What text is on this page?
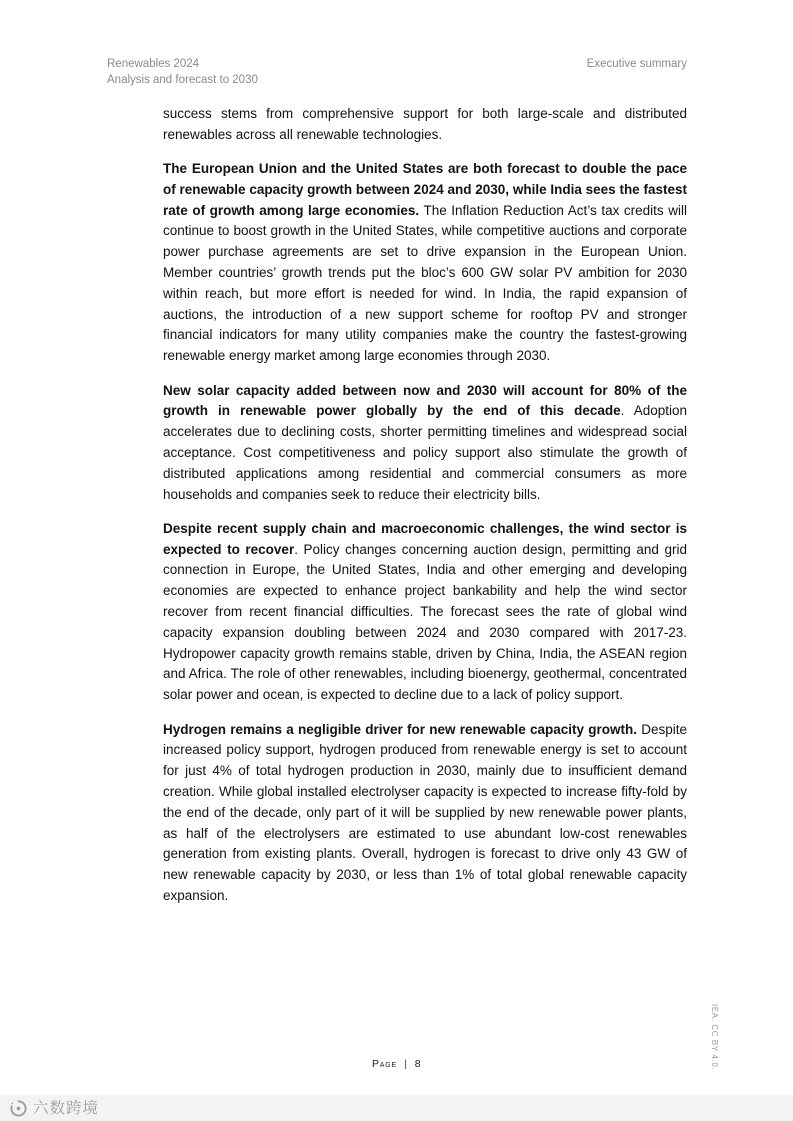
Renewables 2024
Analysis and forecast to 2030
Executive summary

success stems from comprehensive support for both large-scale and distributed renewables across all renewable technologies.

The European Union and the United States are both forecast to double the pace of renewable capacity growth between 2024 and 2030, while India sees the fastest rate of growth among large economies. The Inflation Reduction Act’s tax credits will continue to boost growth in the United States, while competitive auctions and corporate power purchase agreements are set to drive expansion in the European Union. Member countries’ growth trends put the bloc’s 600 GW solar PV ambition for 2030 within reach, but more effort is needed for wind. In India, the rapid expansion of auctions, the introduction of a new support scheme for rooftop PV and stronger financial indicators for many utility companies make the country the fastest-growing renewable energy market among large economies through 2030.

New solar capacity added between now and 2030 will account for 80% of the growth in renewable power globally by the end of this decade. Adoption accelerates due to declining costs, shorter permitting timelines and widespread social acceptance. Cost competitiveness and policy support also stimulate the growth of distributed applications among residential and commercial consumers as more households and companies seek to reduce their electricity bills.

Despite recent supply chain and macroeconomic challenges, the wind sector is expected to recover. Policy changes concerning auction design, permitting and grid connection in Europe, the United States, India and other emerging and developing economies are expected to enhance project bankability and help the wind sector recover from recent financial difficulties. The forecast sees the rate of global wind capacity expansion doubling between 2024 and 2030 compared with 2017-23. Hydropower capacity growth remains stable, driven by China, India, the ASEAN region and Africa. The role of other renewables, including bioenergy, geothermal, concentrated solar power and ocean, is expected to decline due to a lack of policy support.

Hydrogen remains a negligible driver for new renewable capacity growth. Despite increased policy support, hydrogen produced from renewable energy is set to account for just 4% of total hydrogen production in 2030, mainly due to insufficient demand creation. While global installed electrolyser capacity is expected to increase fifty-fold by the end of the decade, only part of it will be supplied by new renewable power plants, as half of the electrolysers are estimated to use abundant low-cost renewables generation from existing plants. Overall, hydrogen is forecast to drive only 43 GW of new renewable capacity by 2030, or less than 1% of total global renewable capacity expansion.

IEA. CC BY 4.0.
Page | 8
六数跨境
